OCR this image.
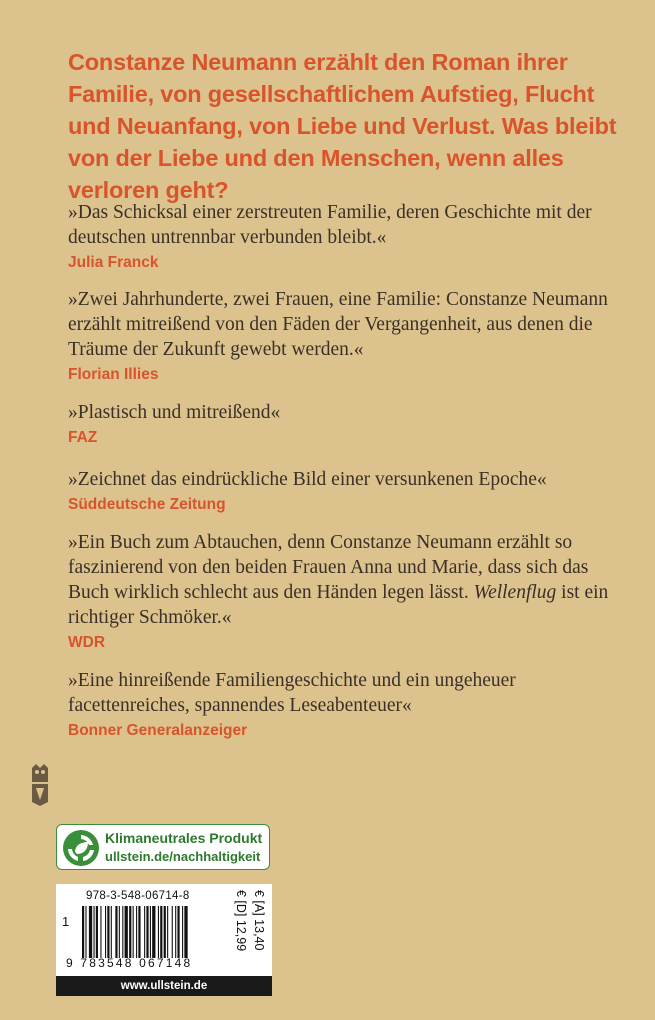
Constanze Neumann erzählt den Roman ihrer Familie, von gesellschaftlichem Aufstieg, Flucht und Neuanfang, von Liebe und Verlust. Was bleibt von der Liebe und den Menschen, wenn alles verloren geht?
»Das Schicksal einer zerstreuten Familie, deren Geschichte mit der deutschen untrennbar verbunden bleibt.«
Julia Franck
»Zwei Jahrhunderte, zwei Frauen, eine Familie: Constanze Neumann erzählt mitreißend von den Fäden der Vergangenheit, aus denen die Träume der Zukunft gewebt werden.«
Florian Illies
»Plastisch und mitreißend«
FAZ
»Zeichnet das eindrückliche Bild einer versunkenen Epoche«
Süddeutsche Zeitung
»Ein Buch zum Abtauchen, denn Constanze Neumann erzählt so faszinierend von den beiden Frauen Anna und Marie, dass sich das Buch wirklich schlecht aus den Händen legen lässt. Wellenflug ist ein richtiger Schmöker.«
WDR
»Eine hinreißende Familiengeschichte und ein ungeheuer facettenreiches, spannendes Leseabenteuer«
Bonner Generalanzeiger
Klimaneutrales Produkt
ullstein.de/nachhaltigkeit
978-3-548-06714-8
1
9 783548 067148
€ [D] 12,99 € [A] 13,40
www.ullstein.de
